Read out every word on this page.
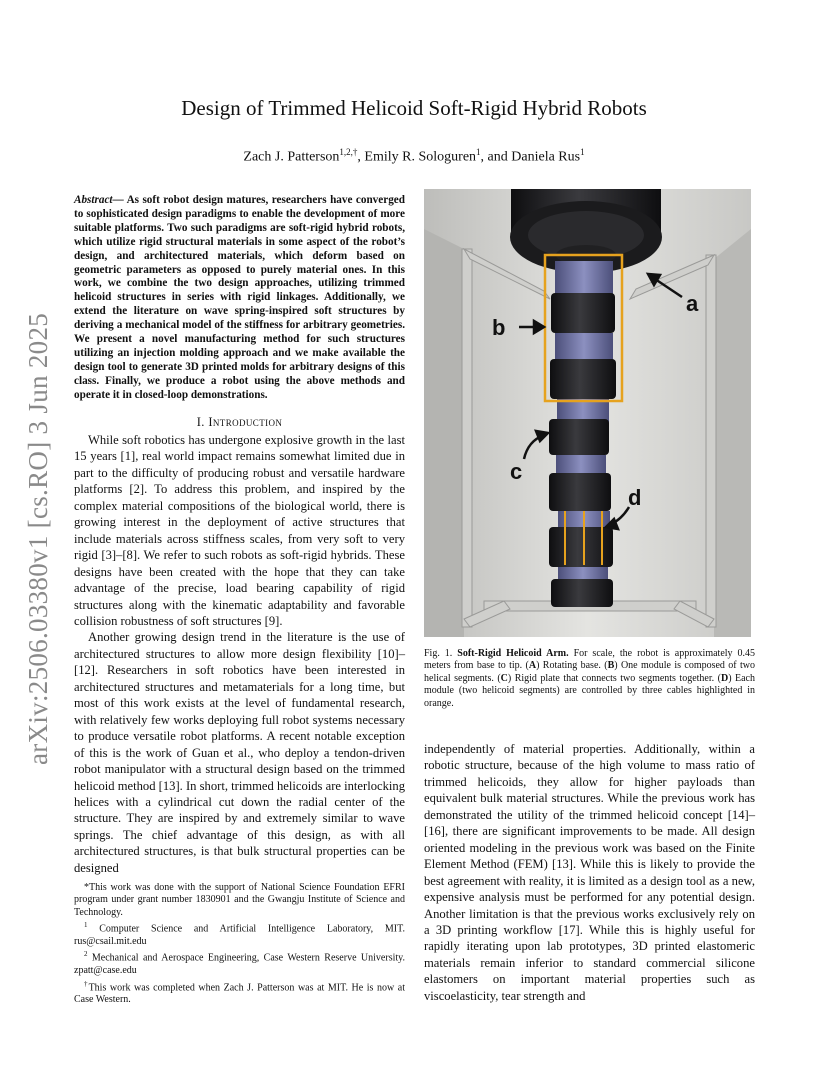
arXiv:2506.03380v1 [cs.RO] 3 Jun 2025
Design of Trimmed Helicoid Soft-Rigid Hybrid Robots
Zach J. Patterson$^{1,2,\dagger}$, Emily R. Sologuren$^1$, and Daniela Rus$^1$
Abstract— As soft robot design matures, researchers have converged to sophisticated design paradigms to enable the development of more suitable platforms. Two such paradigms are soft-rigid hybrid robots, which utilize rigid structural materials in some aspect of the robot’s design, and architectured materials, which deform based on geometric parameters as opposed to purely material ones. In this work, we combine the two design approaches, utilizing trimmed helicoid structures in series with rigid linkages. Additionally, we extend the literature on wave spring-inspired soft structures by deriving a mechanical model of the stiffness for arbitrary geometries. We present a novel manufacturing method for such structures utilizing an injection molding approach and we make available the design tool to generate 3D printed molds for arbitrary designs of this class. Finally, we produce a robot using the above methods and operate it in closed-loop demonstrations.
I. Introduction

While soft robotics has undergone explosive growth in the last 15 years [1], real world impact remains somewhat limited due in part to the difficulty of producing robust and versatile hardware platforms [2]. To address this problem, and inspired by the complex material compositions of the biological world, there is growing interest in the deployment of active structures that include materials across stiffness scales, from very soft to very rigid [3]–[8]. We refer to such robots as soft-rigid hybrids. These designs have been created with the hope that they can take advantage of the precise, load bearing capability of rigid structures along with the kinematic adaptability and favorable collision robustness of soft structures [9].

Another growing design trend in the literature is the use of architectured structures to allow more design flexibility [10]–[12]. Researchers in soft robotics have been interested in architectured structures and metamaterials for a long time, but most of this work exists at the level of fundamental research, with relatively few works deploying full robot systems necessary to produce versatile robot platforms. A recent notable exception of this is the work of Guan et al., who deploy a tendon-driven robot manipulator with a structural design based on the trimmed helicoid method [13]. In short, trimmed helicoids are interlocking helices with a cylindrical cut down the radial center of the structure. They are inspired by and extremely similar to wave springs. The chief advantage of this design, as with all architectured structures, is that bulk structural properties can be designed

*This work was done with the support of National Science Foundation EFRI program under grant number 1830901 and the Gwangju Institute of Science and Technology.

$^1$ Computer Science and Artificial Intelligence Laboratory, MIT. rus@csail.mit.edu

$^2$ Mechanical and Aerospace Engineering, Case Western Reserve University. zpatt@case.edu

†This work was completed when Zach J. Patterson was at MIT. He is now at Case Western.

a
b
c
d
Fig. 1. Soft-Rigid Helicoid Arm. For scale, the robot is approximately 0.45 meters from base to tip. (A) Rotating base. (B) One module is composed of two helical segments. (C) Rigid plate that connects two segments together. (D) Each module (two helicoid segments) are controlled by three cables highlighted in orange.

independently of material properties. Additionally, within a robotic structure, because of the high volume to mass ratio of trimmed helicoids, they allow for higher payloads than equivalent bulk material structures. While the previous work has demonstrated the utility of the trimmed helicoid concept [14]–[16], there are significant improvements to be made. All design oriented modeling in the previous work was based on the Finite Element Method (FEM) [13]. While this is likely to provide the best agreement with reality, it is limited as a design tool as a new, expensive analysis must be performed for any potential design. Another limitation is that the previous works exclusively rely on a 3D printing workflow [17]. While this is highly useful for rapidly iterating upon lab prototypes, 3D printed elastomeric materials remain inferior to standard commercial silicone elastomers on important material properties such as viscoelasticity, tear strength and
